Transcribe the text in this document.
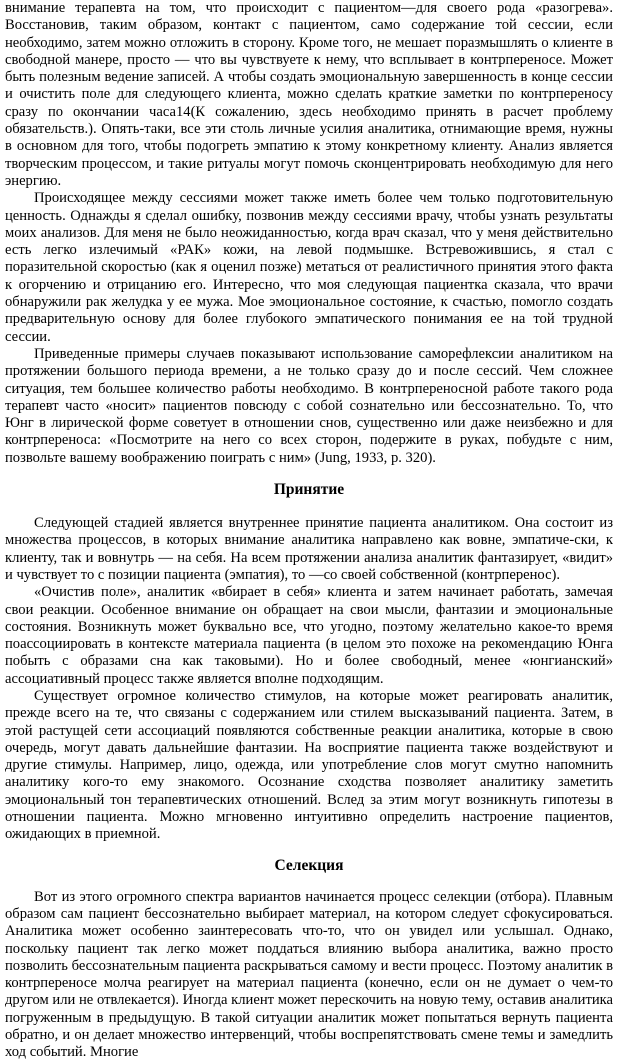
внимание терапевта на том, что происходит с пациентом—для своего рода «разогрева». Восстановив, таким образом, контакт с пациентом, само содержание той сессии, если необходимо, затем можно отложить в сторону. Кроме того, не мешает поразмышлять о клиенте в свободной манере, просто — что вы чувствуете к нему, что всплывает в контрпереносе. Может быть полезным ведение записей. А чтобы создать эмоциональную завершенность в конце сессии и очистить поле для следующего клиента, можно сделать краткие заметки по контрпереносу сразу по окончании часа14(К сожалению, здесь необходимо принять в расчет проблему обязательств.). Опять-таки, все эти столь личные усилия аналитика, отнимающие время, нужны в основном для того, чтобы подогреть эмпатию к этому конкретному клиенту. Анализ является творческим процессом, и такие ритуалы могут помочь сконцентрировать необходимую для него энергию.

Происходящее между сессиями может также иметь более чем только подготовительную ценность. Однажды я сделал ошибку, позвонив между сессиями врачу, чтобы узнать результаты моих анализов. Для меня не было неожиданностью, когда врач сказал, что у меня действительно есть легко излечимый «РАК» кожи, на левой подмышке. Встревожившись, я стал с поразительной скоростью (как я оценил позже) метаться от реалистичного принятия этого факта к огорчению и отрицанию его. Интересно, что моя следующая пациентка сказала, что врачи обнаружили рак желудка у ее мужа. Мое эмоциональное состояние, к счастью, помогло создать предварительную основу для более глубокого эмпатического понимания ее на той трудной сессии.

Приведенные примеры случаев показывают использование саморефлексии аналитиком на протяжении большого периода времени, а не только сразу до и после сессий. Чем сложнее ситуация, тем большее количество работы необходимо. В контрпереносной работе такого рода терапевт часто «носит» пациентов повсюду с собой сознательно или бессознательно. То, что Юнг в лирической форме советует в отношении снов, существенно или даже неизбежно и для контрпереноса: «Посмотрите на него со всех сторон, подержите в руках, побудьте с ним, позвольте вашему воображению поиграть с ним» (Jung, 1933, p. 320).

Принятие

Следующей стадией является внутреннее принятие пациента аналитиком. Она состоит из множества процессов, в которых внимание аналитика направлено как вовне, эмпатиче-ски, к клиенту, так и вовнутрь — на себя. На всем протяжении анализа аналитик фантазирует, «видит» и чувствует то с позиции пациента (эмпатия), то —со своей собственной (контрперенос).

«Очистив поле», аналитик «вбирает в себя» клиента и затем начинает работать, замечая свои реакции. Особенное внимание он обращает на свои мысли, фантазии и эмоциональные состояния. Возникнуть может буквально все, что угодно, поэтому желательно какое-то время поассоциировать в контексте материала пациента (в целом это похоже на рекомендацию Юнга побыть с образами сна как таковыми). Но и более свободный, менее «юнгианский» ассоциативный процесс также является вполне подходящим.

Существует огромное количество стимулов, на которые может реагировать аналитик, прежде всего на те, что связаны с содержанием или стилем высказываний пациента. Затем, в этой растущей сети ассоциаций появляются собственные реакции аналитика, которые в свою очередь, могут давать дальнейшие фантазии. На восприятие пациента также воздействуют и другие стимулы. Например, лицо, одежда, или употребление слов могут смутно напомнить аналитику кого-то ему знакомого. Осознание сходства позволяет аналитику заметить эмоциональный тон терапевтических отношений. Вслед за этим могут возникнуть гипотезы в отношении пациента. Можно мгновенно интуитивно определить настроение пациентов, ожидающих в приемной.

Селекция

Вот из этого огромного спектра вариантов начинается процесс селекции (отбора). Плавным образом сам пациент бессознательно выбирает материал, на котором следует сфокусироваться. Аналитика может особенно заинтересовать что-то, что он увидел или услышал. Однако, поскольку пациент так легко может поддаться влиянию выбора аналитика, важно просто позволить бессознательным пациента раскрываться самому и вести процесс. Поэтому аналитик в контрпереносе молча реагирует на материал пациента (конечно, если он не думает о чем-то другом или не отвлекается). Иногда клиент может перескочить на новую тему, оставив аналитика погруженным в предыдущую. В такой ситуации аналитик может попытаться вернуть пациента обратно, и он делает множество интервенций, чтобы воспрепятствовать смене темы и замедлить ход событий. Многие
